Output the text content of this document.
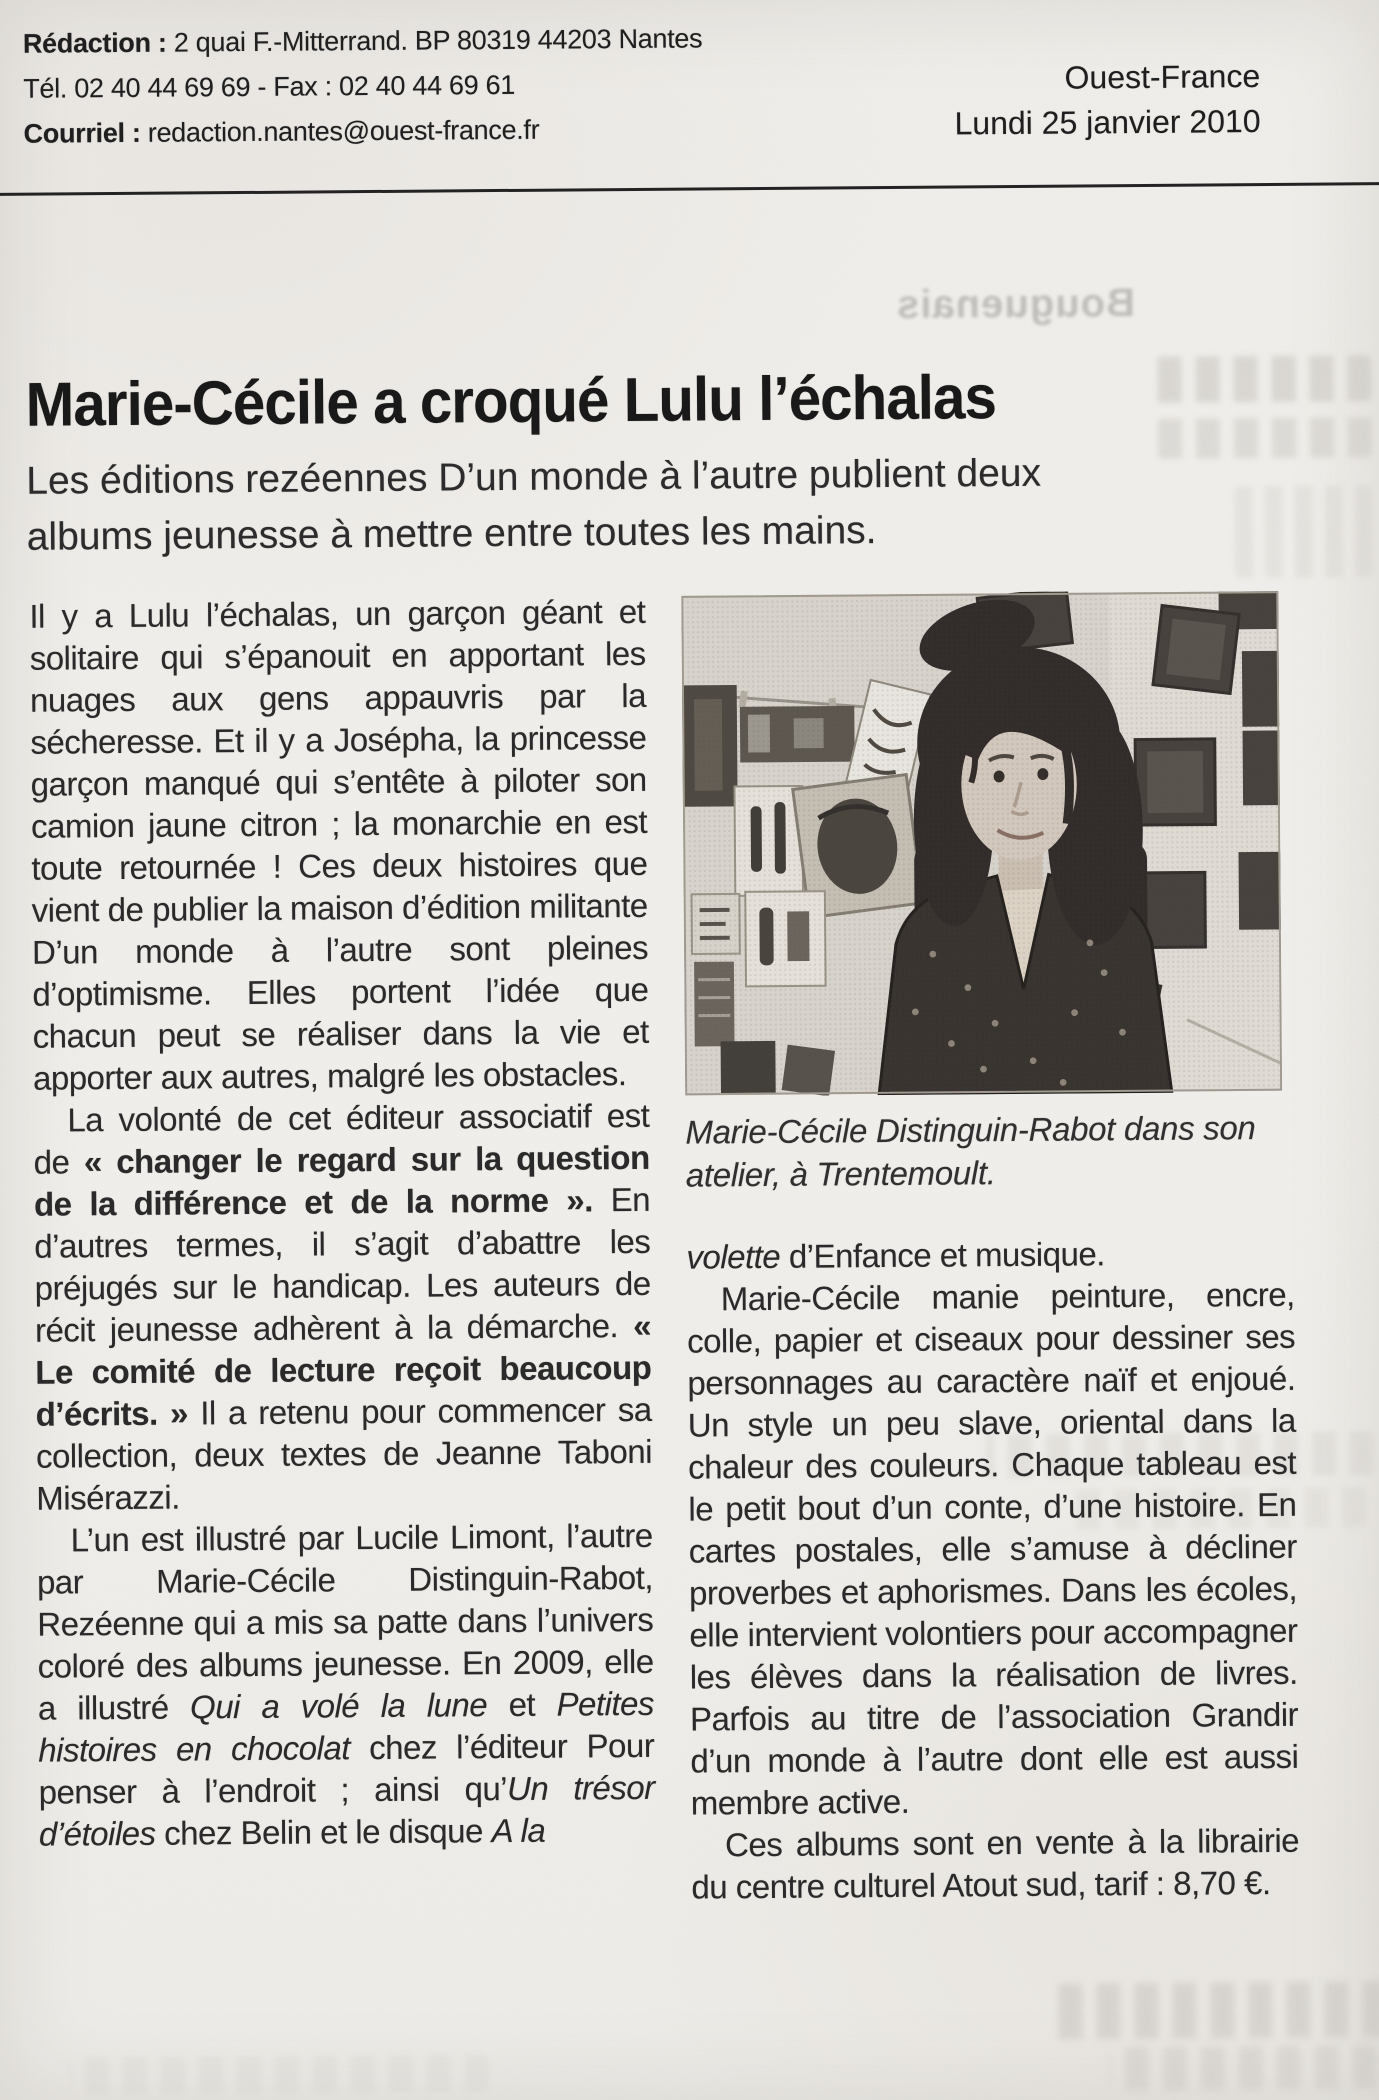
Bouguenais
Rédaction : 2 quai F.-Mitterrand. BP 80319 44203 Nantes
Tél. 02 40 44 69 69 - Fax : 02 40 44 69 61
Courriel : redaction.nantes@ouest-france.fr
Ouest-France
Lundi 25 janvier 2010
Marie-Cécile a croqué Lulu l’échalas

Les éditions rezéennes D’un monde à l’autre publient deux albums jeunesse à mettre entre toutes les mains.

Il y a Lulu l’échalas, un garçon géant et solitaire qui s’épanouit en apportant les nuages aux gens appauvris par la sécheresse. Et il y a Josépha, la princesse garçon manqué qui s’entête à piloter son camion jaune citron ; la monarchie en est toute retournée ! Ces deux histoires que vient de publier la maison d’édition militante D’un monde à l’autre sont pleines d’optimisme. Elles portent l’idée que chacun peut se réaliser dans la vie et apporter aux autres, malgré les obstacles.

La volonté de cet éditeur associatif est de « changer le regard sur la question de la différence et de la norme ». En d’autres termes, il s’agit d’abattre les préjugés sur le handicap. Les auteurs de récit jeunesse adhèrent à la démarche. « Le comité de lecture reçoit beaucoup d’écrits. » Il a retenu pour commencer sa collection, deux textes de Jeanne Taboni Misérazzi.

L’un est illustré par Lucile Limont, l’autre par Marie-Cécile Distinguin-Rabot, Rezéenne qui a mis sa patte dans l’univers coloré des albums jeunesse. En 2009, elle a illustré Qui a volé la lune et Petites histoires en chocolat chez l’éditeur Pour penser à l’endroit ; ainsi qu’Un trésor d’étoiles chez Belin et le disque A la

Marie-Cécile Distinguin-Rabot dans son atelier, à Trentemoult.

volette d’Enfance et musique.

Marie-Cécile manie peinture, encre, colle, papier et ciseaux pour dessiner ses personnages au caractère naïf et enjoué. Un style un peu slave, oriental dans la chaleur des couleurs. Chaque tableau est le petit bout d’un conte, d’une histoire. En cartes postales, elle s’amuse à décliner proverbes et aphorismes. Dans les écoles, elle intervient volontiers pour accompagner les élèves dans la réalisation de livres. Parfois au titre de l’association Grandir d’un monde à l’autre dont elle est aussi membre active.

Ces albums sont en vente à la librairie du centre culturel Atout sud, tarif : 8,70 €.
